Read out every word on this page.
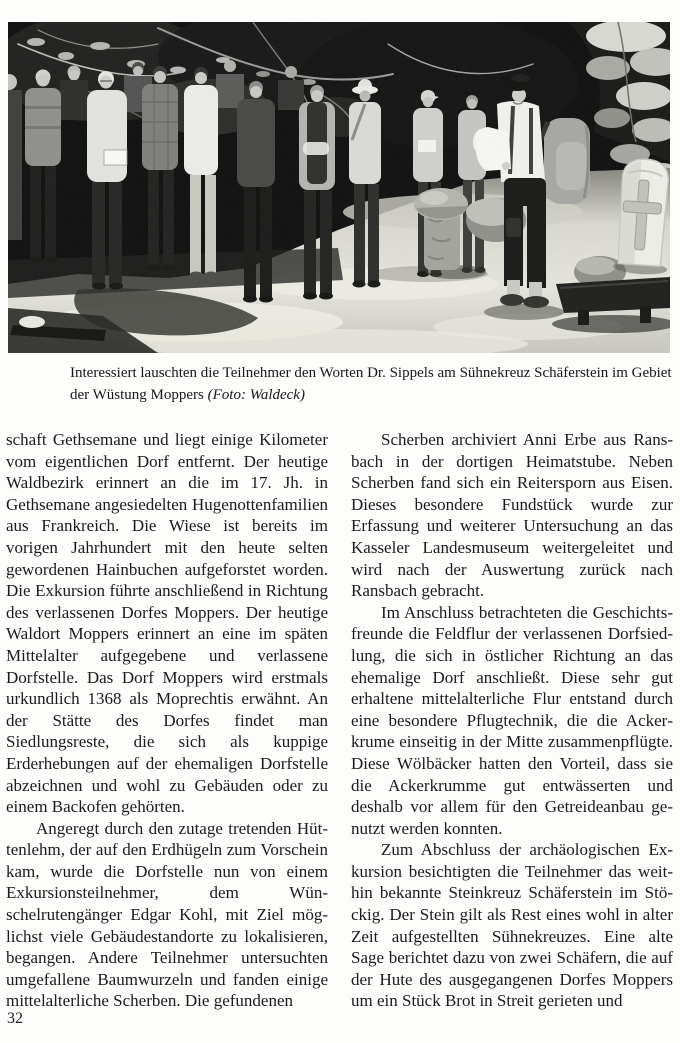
Interessiert lauschten die Teilnehmer den Worten Dr. Sippels am Sühnekreuz Schäferstein im Gebiet der Wüstung Moppers (Foto: Waldeck)

schaft Gethsemane und liegt einige Kilometer vom eigentlichen Dorf entfernt. Der heutige Waldbezirk erinnert an die im 17. Jh. in Gethsemane angesiedelten Hugenottenfamilien aus Frankreich. Die Wiese ist bereits im vorigen Jahrhundert mit den heute selten gewordenen Hainbuchen aufgeforstet worden. Die Exkursion führte anschließend in Richtung des verlassenen Dorfes Moppers. Der heutige Waldort Moppers erinnert an eine im späten Mittelalter aufgegebene und verlassene Dorfstelle. Das Dorf Moppers wird erstmals urkundlich 1368 als Moprechtis erwähnt. An der Stätte des Dorfes findet man Siedlungsreste, die sich als kuppige Erderhebungen auf der ehemaligen Dorfstelle abzeichnen und wohl zu Gebäuden oder zu einem Backofen gehörten.

Angeregt durch den zutage tretenden Hüttenlehm, der auf den Erdhügeln zum Vorschein kam, wurde die Dorfstelle nun von einem Exkursionsteilnehmer, dem Wünschelrutengänger Edgar Kohl, mit Ziel möglichst viele Gebäudestandorte zu lokalisieren, begangen. Andere Teilnehmer untersuchten umgefallene Baumwurzeln und fanden einige mittelalterliche Scherben. Die gefundenen

Scherben archiviert Anni Erbe aus Ransbach in der dortigen Heimatstube. Neben Scherben fand sich ein Reitersporn aus Eisen. Dieses besondere Fundstück wurde zur Erfassung und weiterer Untersuchung an das Kasseler Landesmuseum weitergeleitet und wird nach der Auswertung zurück nach Ransbach gebracht.

Im Anschluss betrachteten die Geschichtsfreunde die Feldflur der verlassenen Dorfsiedlung, die sich in östlicher Richtung an das ehemalige Dorf anschließt. Diese sehr gut erhaltene mittelalterliche Flur entstand durch eine besondere Pflugtechnik, die die Ackerkrume einseitig in der Mitte zusammenpflügte. Diese Wölbäcker hatten den Vorteil, dass sie die Ackerkrumme gut entwässerten und deshalb vor allem für den Getreideanbau genutzt werden konnten.

Zum Abschluss der archäologischen Exkursion besichtigten die Teilnehmer das weithin bekannte Steinkreuz Schäferstein im Stöckig. Der Stein gilt als Rest eines wohl in alter Zeit aufgestellten Sühnekreuzes. Eine alte Sage berichtet dazu von zwei Schäfern, die auf der Hute des ausgegangenen Dorfes Moppers um ein Stück Brot in Streit gerieten und

32
